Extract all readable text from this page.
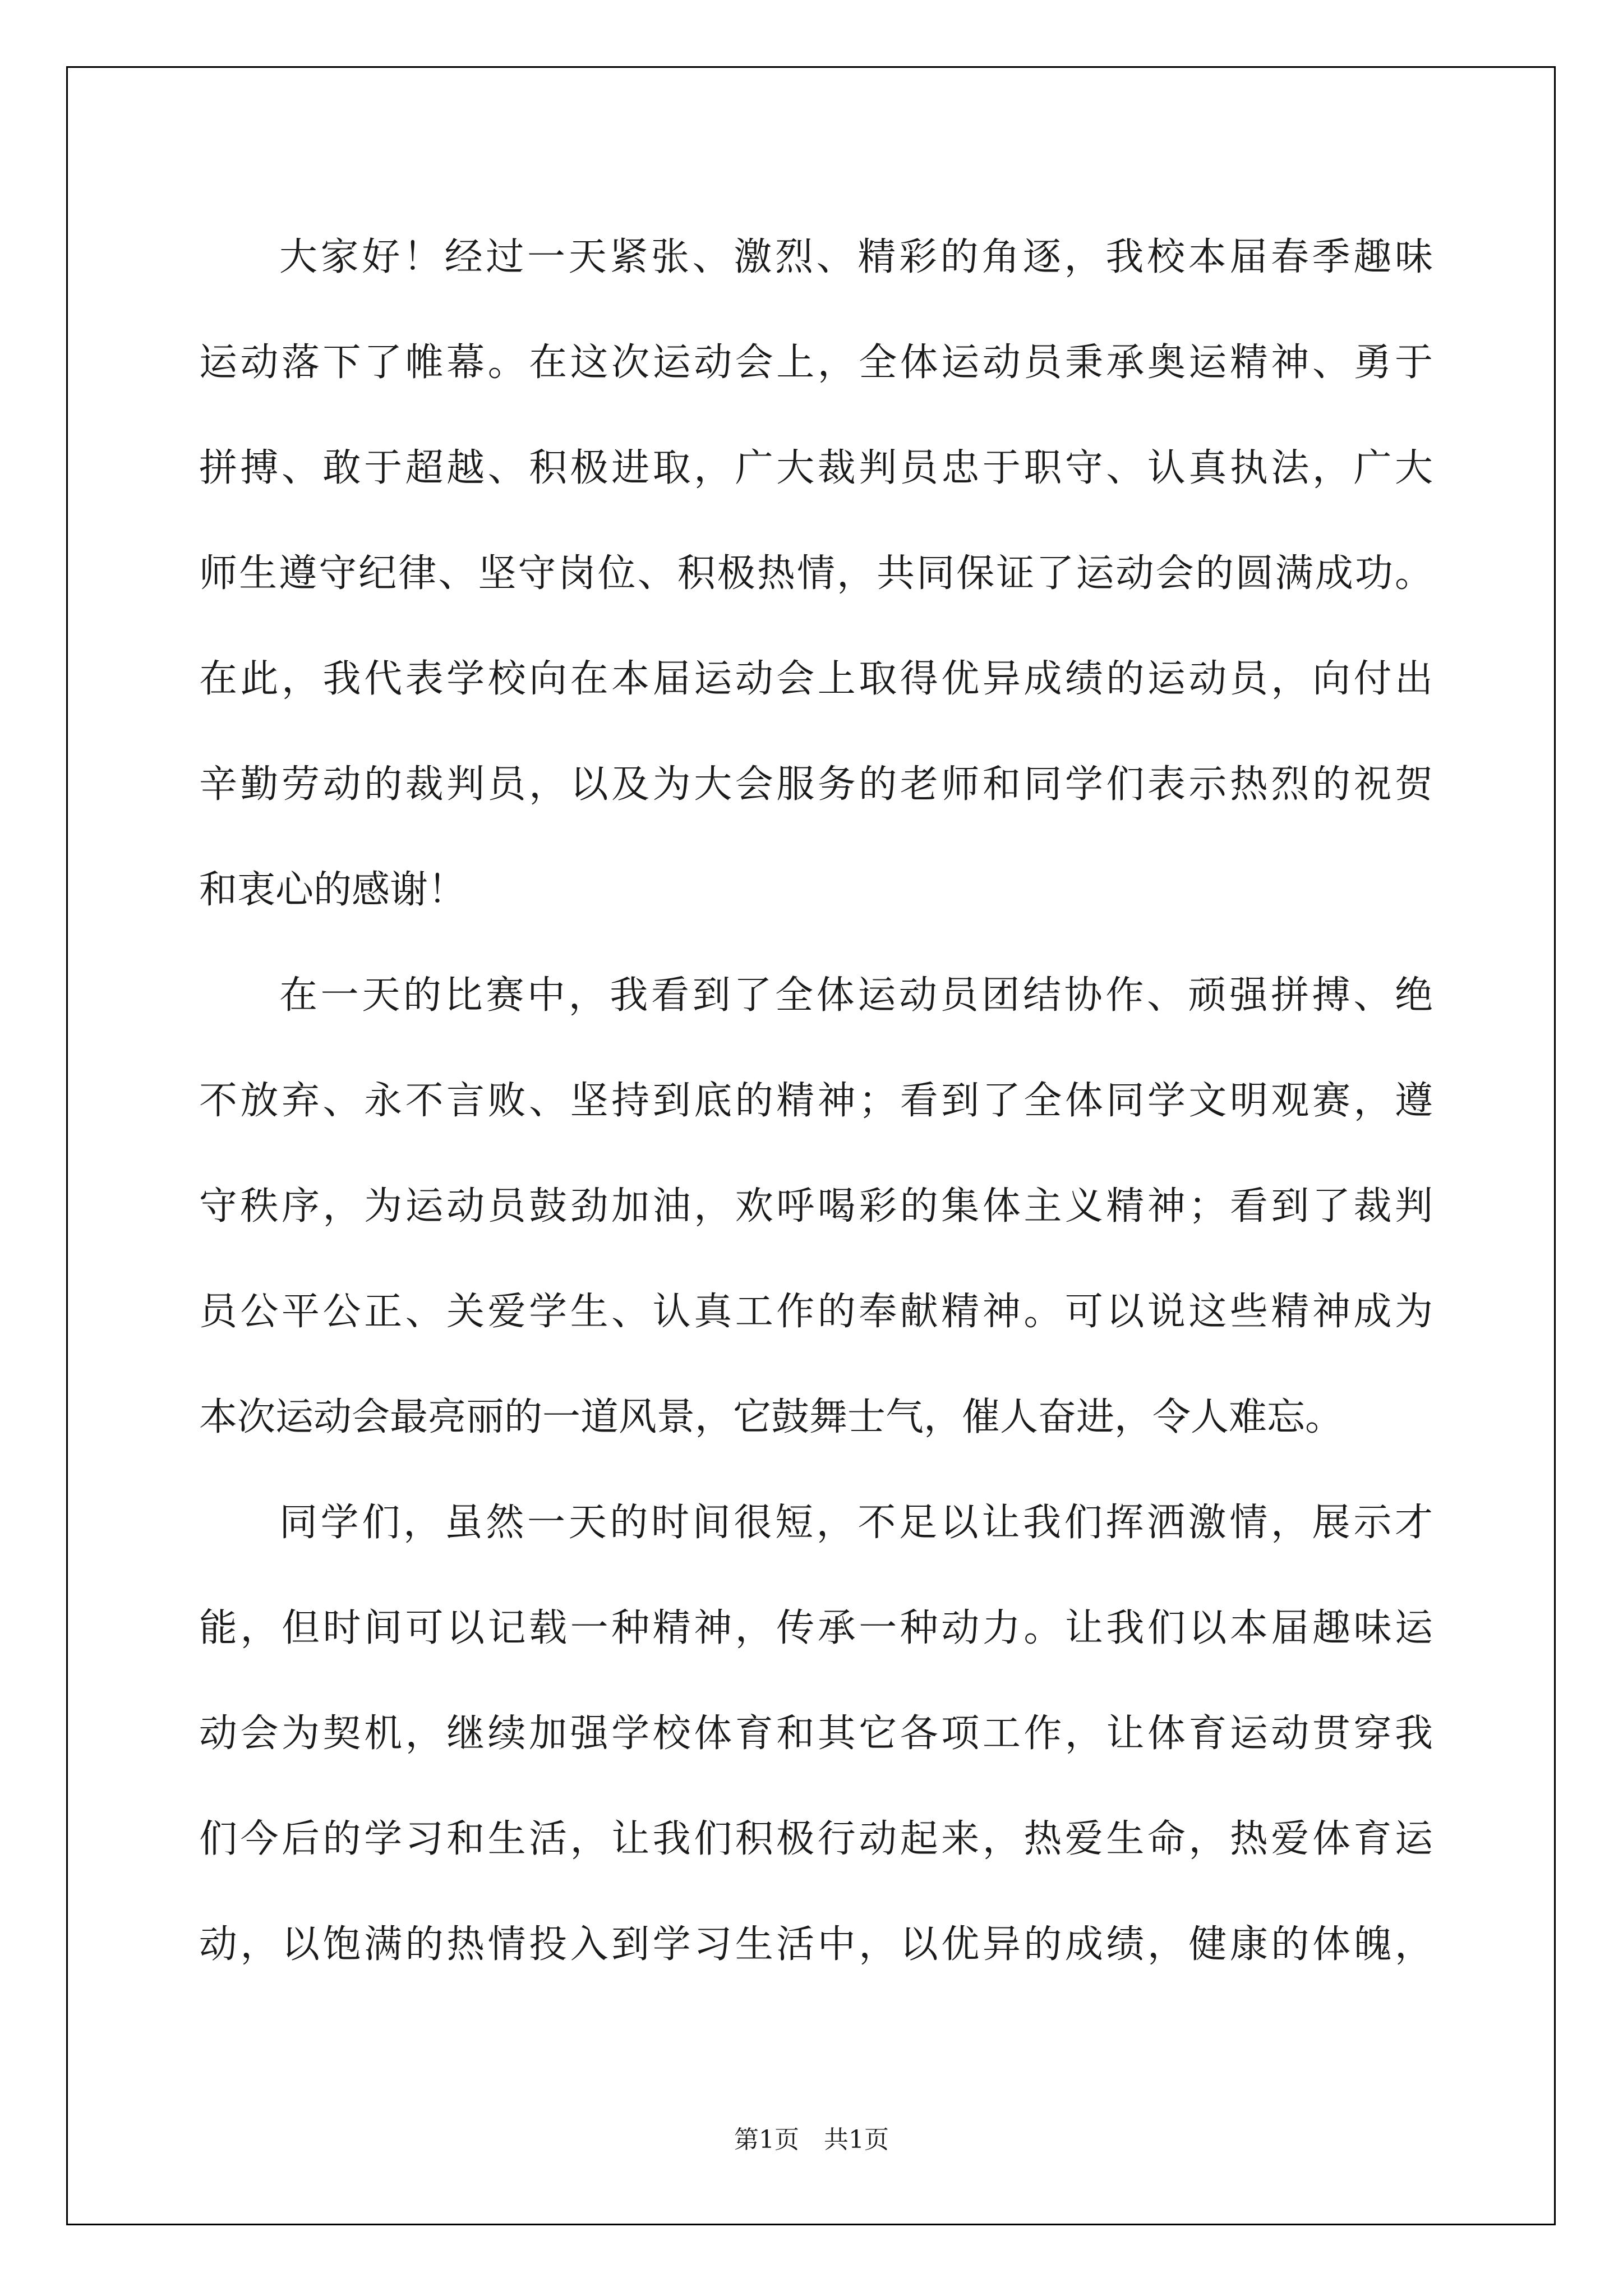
大家好！经过一天紧张、激烈、精彩的角逐，我校本届春季趣味
运动落下了帷幕。在这次运动会上，全体运动员秉承奥运精神、勇于
拼搏、敢于超越、积极进取，广大裁判员忠于职守、认真执法，广大
师生遵守纪律、坚守岗位、积极热情，共同保证了运动会的圆满成功。
在此，我代表学校向在本届运动会上取得优异成绩的运动员，向付出
辛勤劳动的裁判员，以及为大会服务的老师和同学们表示热烈的祝贺
和衷心的感谢！
在一天的比赛中，我看到了全体运动员团结协作、顽强拼搏、绝
不放弃、永不言败、坚持到底的精神；看到了全体同学文明观赛，遵
守秩序，为运动员鼓劲加油，欢呼喝彩的集体主义精神；看到了裁判
员公平公正、关爱学生、认真工作的奉献精神。可以说这些精神成为
本次运动会最亮丽的一道风景，它鼓舞士气，催人奋进，令人难忘。
同学们，虽然一天的时间很短，不足以让我们挥洒激情，展示才
能，但时间可以记载一种精神，传承一种动力。让我们以本届趣味运
动会为契机，继续加强学校体育和其它各项工作，让体育运动贯穿我
们今后的学习和生活，让我们积极行动起来，热爱生命，热爱体育运
动，以饱满的热情投入到学习生活中，以优异的成绩，健康的体魄，
第1页　共1页
